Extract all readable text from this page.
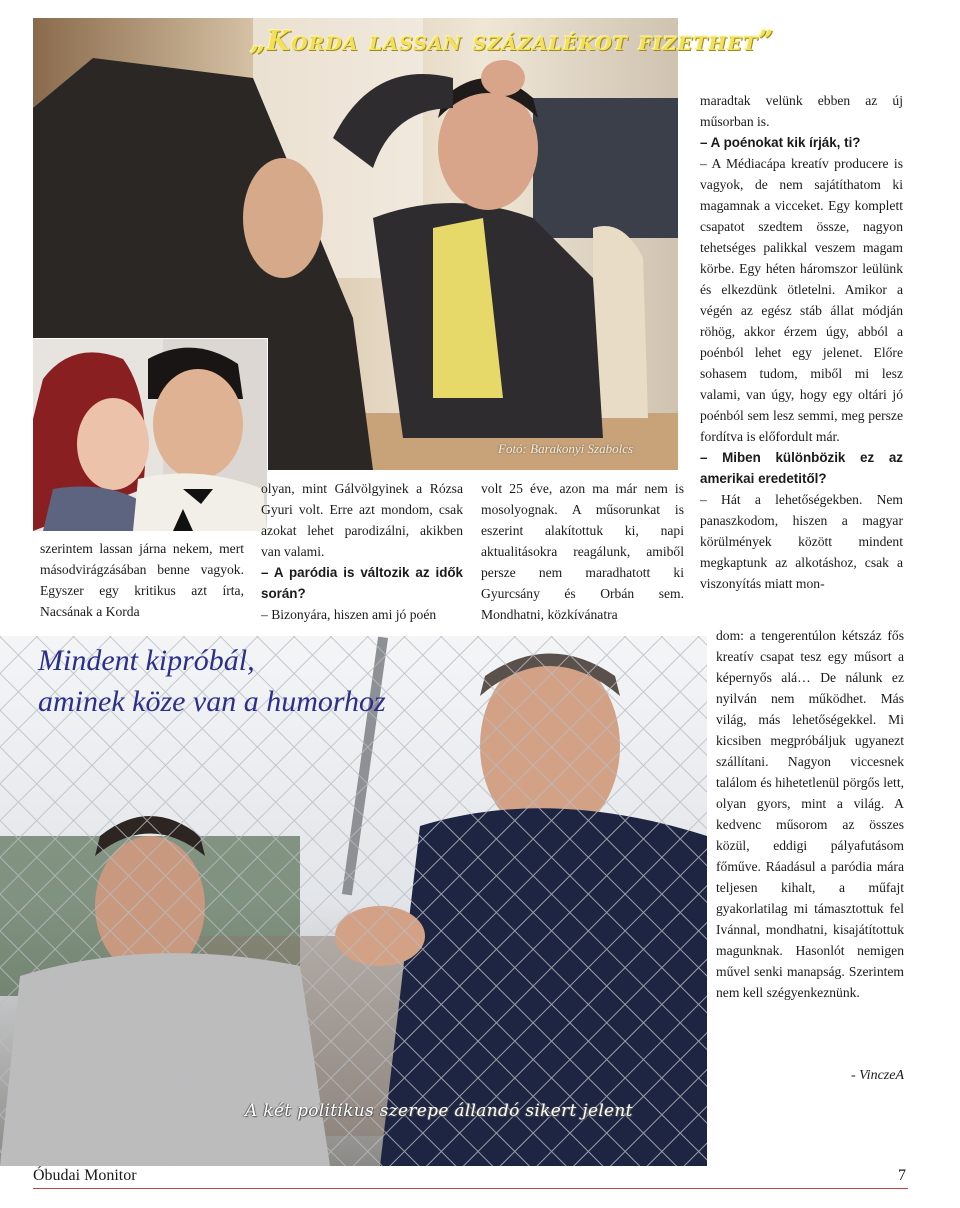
„Korda lassan százalékot fizethet”
Fotó: Barakonyi Szabolcs
Mindent kipróbál,
aminek köze van a humorhoz
A két politikus szerepe állandó sikert jelent

szerintem lassan járna nekem, mert másodvirágzásában benne vagyok. Egyszer egy kritikus azt írta, Nacsának a Korda

olyan, mint Gálvölgyinek a Rózsa Gyuri volt. Erre azt mondom, csak azokat lehet parodizálni, akikben van valami.

– A paródia is változik az idők során?

– Bizonyára, hiszen ami jó poén

volt 25 éve, azon ma már nem is mosolyognak. A műsorunkat is eszerint alakítottuk ki, napi aktualitásokra reagálunk, amiből persze nem maradhatott ki Gyurcsány és Orbán sem. Mondhatni, közkívánatra

maradtak velünk ebben az új műsorban is.

– A poénokat kik írják, ti?

– A Médiacápa kreatív producere is vagyok, de nem sajátíthatom ki magamnak a vicceket. Egy komplett csapatot szedtem össze, nagyon tehetséges palikkal veszem magam körbe. Egy héten háromszor leülünk és elkezdünk ötletelni. Amikor a végén az egész stáb állat módján röhög, akkor érzem úgy, abból a poénból lehet egy jelenet. Előre sohasem tudom, miből mi lesz valami, van úgy, hogy egy oltári jó poénból sem lesz semmi, meg persze fordítva is előfordult már.

– Miben különbözik ez az amerikai eredetitől?

– Hát a lehetőségekben. Nem panaszkodom, hiszen a magyar körülmények között mindent megkaptunk az alkotáshoz, csak a viszonyítás miatt mon-

dom: a tengerentúlon kétszáz fős kreatív csapat tesz egy műsort a képernyős alá… De nálunk ez nyilván nem működhet. Más világ, más lehetőségekkel. Mi kicsiben megpróbáljuk ugyanezt szállítani. Nagyon viccesnek találom és hihetetlenül pörgős lett, olyan gyors, mint a világ. A kedvenc műsorom az összes közül, eddigi pályafutásom főműve. Ráadásul a paródia mára teljesen kihalt, a műfajt gyakorlatilag mi támasztottuk fel Ivánnal, mondhatni, kisajátítottuk magunknak. Hasonlót nemigen művel senki manapság. Szerintem nem kell szégyenkeznünk.

- VinczeA
Óbudai Monitor	7
